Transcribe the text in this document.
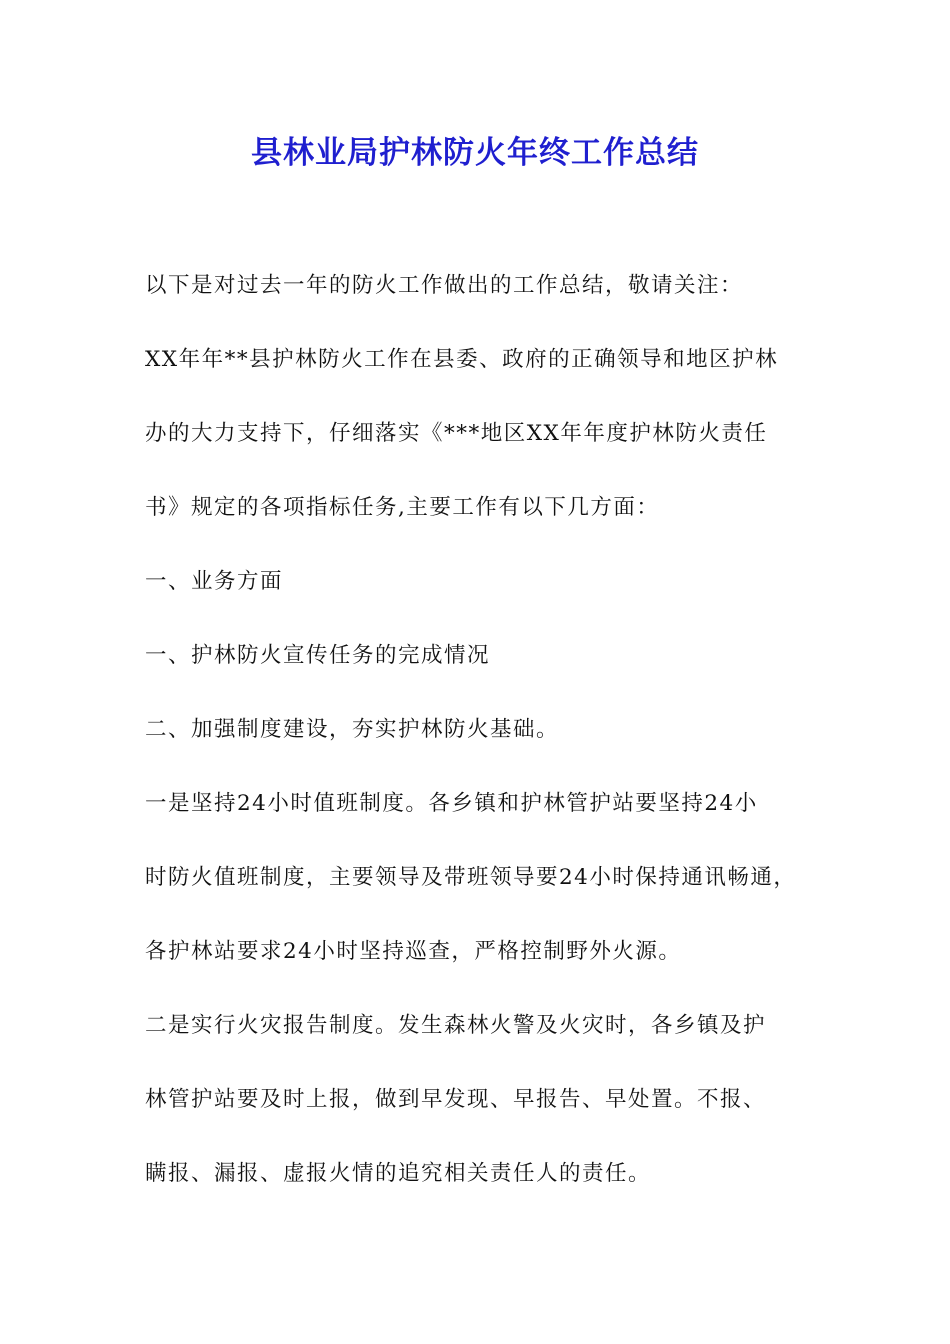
县林业局护林防火年终工作总结
以下是对过去一年的防火工作做出的工作总结，敬请关注：
XX年年**县护林防火工作在县委、政府的正确领导和地区护林
办的大力支持下，仔细落实《***地区XX年年度护林防火责任
书》规定的各项指标任务,主要工作有以下几方面：
一、业务方面
一、护林防火宣传任务的完成情况
二、加强制度建设，夯实护林防火基础。
一是坚持24小时值班制度。各乡镇和护林管护站要坚持24小
时防火值班制度，主要领导及带班领导要24小时保持通讯畅通，
各护林站要求24小时坚持巡查，严格控制野外火源。
二是实行火灾报告制度。发生森林火警及火灾时，各乡镇及护
林管护站要及时上报，做到早发现、早报告、早处置。不报、
瞒报、漏报、虚报火情的追究相关责任人的责任。
